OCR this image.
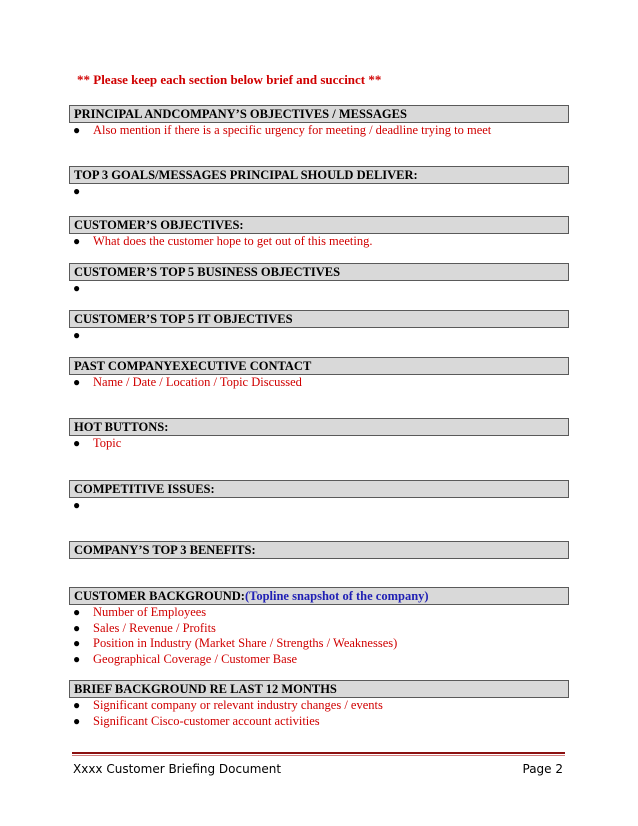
** Please keep each section below brief and succinct **
PRINCIPAL ANDCOMPANY’S OBJECTIVES / MESSAGES
● Also mention if there is a specific urgency for meeting / deadline trying to meet
TOP 3 GOALS/MESSAGES PRINCIPAL SHOULD DELIVER:
●
CUSTOMER’S OBJECTIVES:
● What does the customer hope to get out of this meeting.
CUSTOMER’S TOP 5 BUSINESS OBJECTIVES
●
CUSTOMER’S TOP 5 IT OBJECTIVES
●
PAST COMPANYEXECUTIVE CONTACT
● Name / Date / Location / Topic Discussed
HOT BUTTONS:
● Topic
COMPETITIVE ISSUES:
●
COMPANY’S TOP 3 BENEFITS:
CUSTOMER BACKGROUND:(Topline snapshot of the company)
● Number of Employees
● Sales / Revenue / Profits
● Position in Industry (Market Share / Strengths / Weaknesses)
● Geographical Coverage / Customer Base
BRIEF BACKGROUND RE LAST 12 MONTHS
● Significant company or relevant industry changes / events
● Significant Cisco-customer account activities
Xxxx Customer Briefing Document	Page 2
